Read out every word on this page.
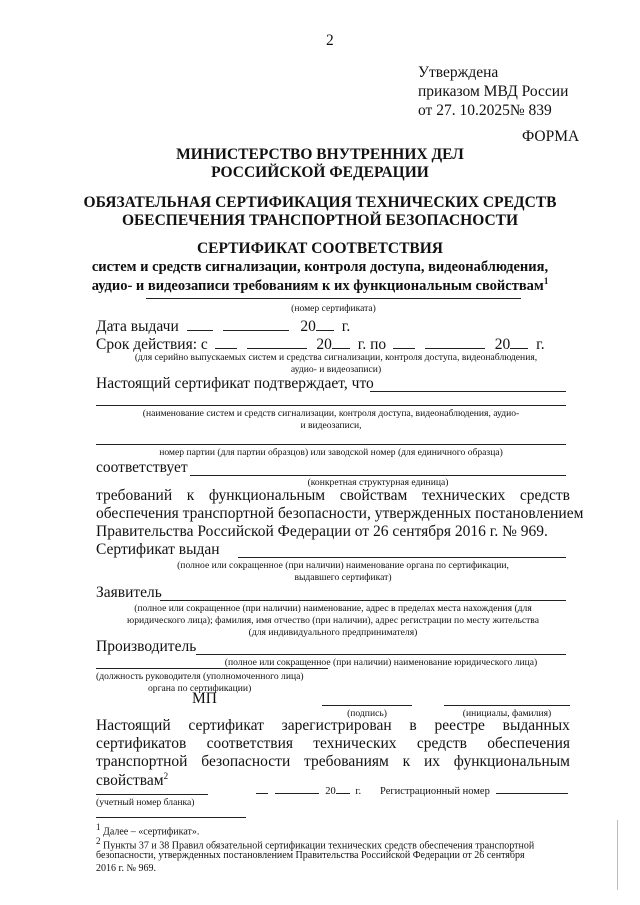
2
Утверждена
приказом МВД России
от 27. 10.2025№ 839
ФОРМА
МИНИСТЕРСТВО ВНУТРЕННИХ ДЕЛ
РОССИЙСКОЙ ФЕДЕРАЦИИ
ОБЯЗАТЕЛЬНАЯ СЕРТИФИКАЦИЯ ТЕХНИЧЕСКИХ СРЕДСТВ
ОБЕСПЕЧЕНИЯ ТРАНСПОРТНОЙ БЕЗОПАСНОСТИ
СЕРТИФИКАТ СООТВЕТСТВИЯ
систем и средств сигнализации, контроля доступа, видеонаблюдения,
аудио- и видеозаписи требованиям к их функциональным свойствам$^1$
(номер сертификата)
Дата выдачи	20 г.
Срок действия: с	20 г. по	20 г.
(для серийно выпускаемых систем и средства сигнализации, контроля доступа, видеонаблюдения,
аудио- и видеозаписи)
Настоящий сертификат подтверждает, что
(наименование систем и средств сигнализации, контроля доступа, видеонаблюдения, аудио-
и видеозаписи,
номер партии (для партии образцов) или заводской номер (для единичного образца)
соответствует
(конкретная структурная единица)
требований к функциональным свойствам технических средств
обеспечения транспортной безопасности, утвержденных постановлением
Правительства Российской Федерации от 26 сентября 2016 г. № 969.
Сертификат выдан
(полное или сокращенное (при наличии) наименование органа по сертификации,
выдавшего сертификат)
Заявитель
(полное или сокращенное (при наличии) наименование, адрес в пределах места нахождения (для
юридического лица); фамилия, имя отчество (при наличии), адрес регистрации по месту жительства
(для индивидуального предпринимателя)
Производитель
(полное или сокращенное (при наличии) наименование юридического лица)
(должность руководителя (уполномоченного лица)
органа по сертификации)
МП
(подпись)	(инициалы, фамилия)
Настоящий сертификат зарегистрирован в реестре выданных
сертификатов соответствия технических средств обеспечения
транспортной безопасности требованиям к их функциональным
свойствам$^2$
(учетный номер бланка)
20 г. Регистрационный номер
$^1$ Далее – «сертификат».
$^2$ Пункты 37 и 38 Правил обязательной сертификации технических средств обеспечения транспортной
безопасности, утвержденных постановлением Правительства Российской Федерации от 26 сентября
2016 г. № 969.
